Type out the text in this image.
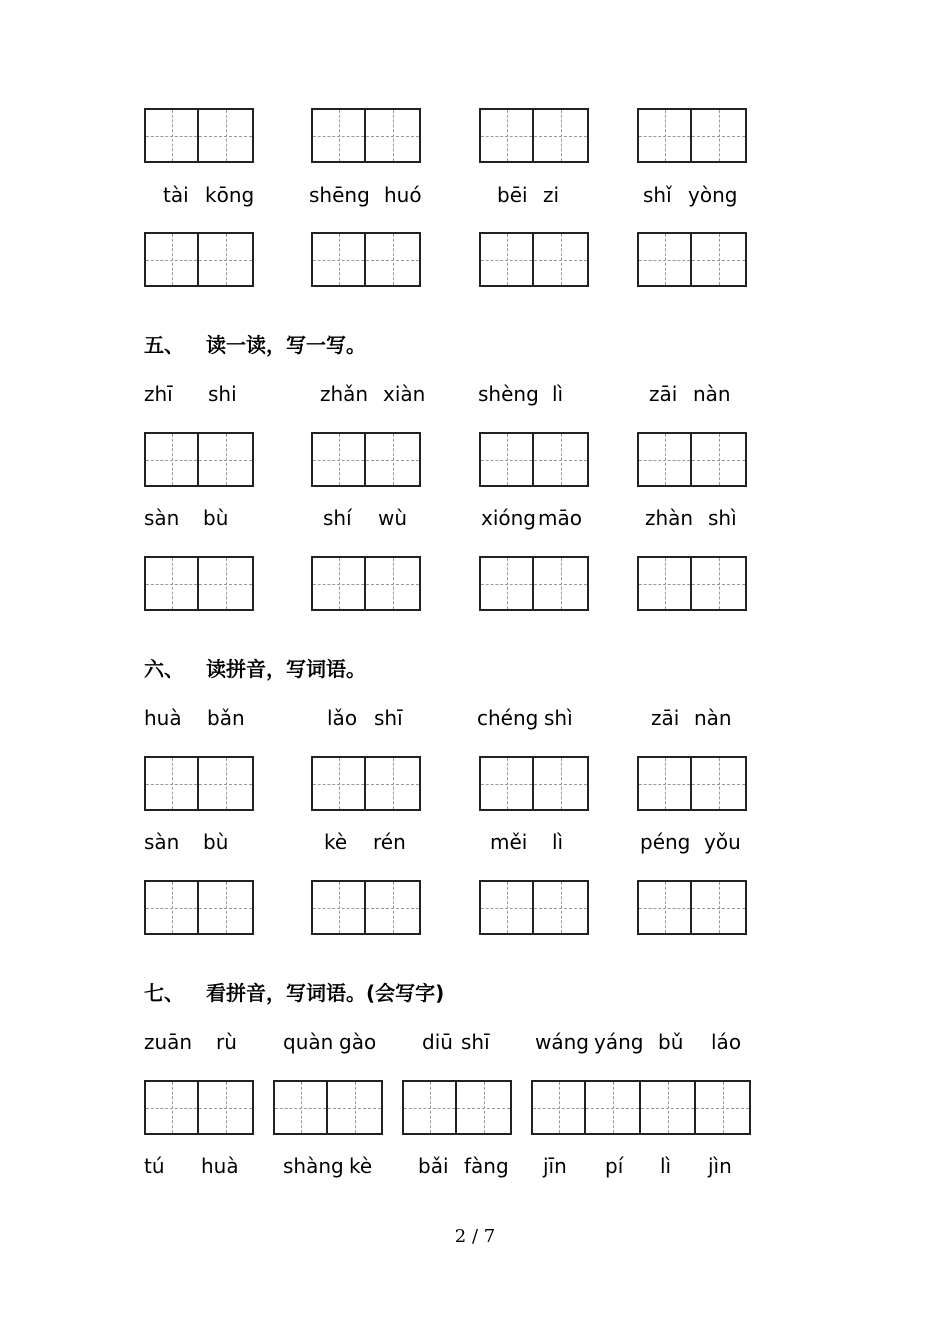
tài kōng	shēng huó	bēi zi	shǐ yòng
五、 读一读，写一写。
zhī shi	zhǎn xiàn	shèng lì	zāi nàn
sàn bù	shí wù	xióng māo	zhàn shì
六、 读拼音，写词语。
huà bǎn	lǎo shī	chéng shì	zāi nàn
sàn bù	kè rén	měi lì	péng yǒu
七、 看拼音，写词语。(会写字)
zuān rù quàn gào diū shī wáng yáng bǔ láo
tú huà shàng kè bǎi fàng jīn pí lì jìn
2 / 7
